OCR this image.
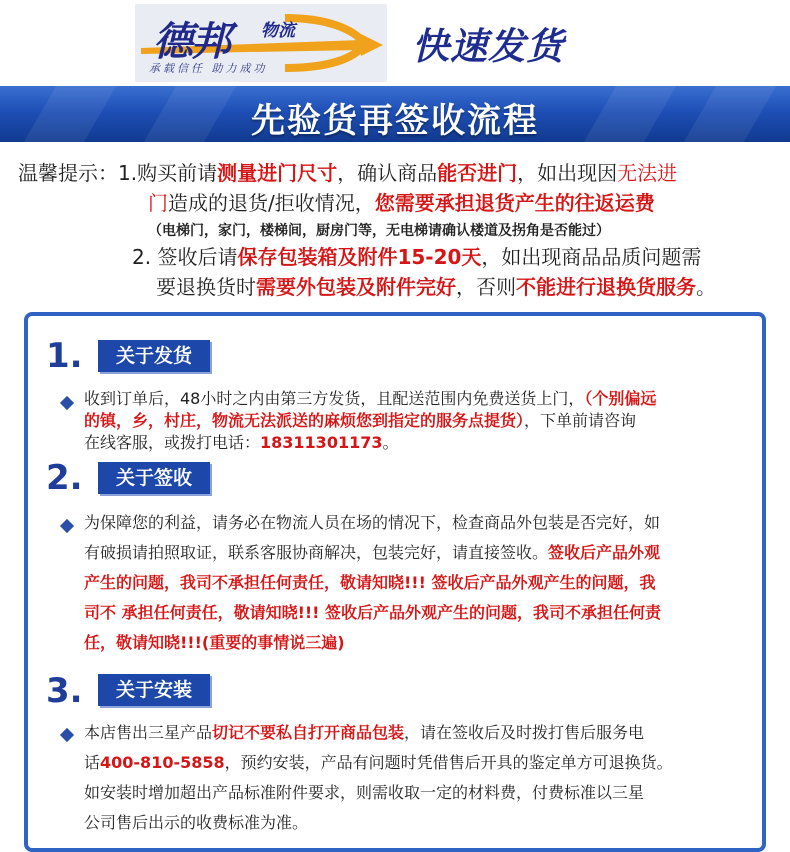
德邦 物流
承载信任 助力成功
快速发货
先验货再签收流程
温馨提示：1.购买前请测量进门尺寸，确认商品能否进门，如出现因无法进
门造成的退货/拒收情况，您需要承担退货产生的往返运费
（电梯门，家门，楼梯间，厨房门等，无电梯请确认楼道及拐角是否能过）
2. 签收后请保存包装箱及附件15-20天，如出现商品品质问题需
要退换货时需要外包装及附件完好，否则不能进行退换货服务。
1.	关于发货
收到订单后，48小时之内由第三方发货，且配送范围内免费送货上门，（个别偏远
的镇，乡，村庄，物流无法派送的麻烦您到指定的服务点提货），下单前请咨询
在线客服，或拨打电话：18311301173。
2.	关于签收
为保障您的利益，请务必在物流人员在场的情况下，检查商品外包装是否完好，如
有破损请拍照取证，联系客服协商解决，包装完好，请直接签收。签收后产品外观
产生的问题，我司不承担任何责任，敬请知晓!!! 签收后产品外观产生的问题，我
司不 承担任何责任，敬请知晓!!! 签收后产品外观产生的问题，我司不承担任何责
任，敬请知晓!!!(重要的事情说三遍)
3.	关于安装
本店售出三星产品切记不要私自打开商品包装，请在签收后及时拨打售后服务电
话400-810-5858，预约安装，产品有问题时凭借售后开具的鉴定单方可退换货。
如安装时增加超出产品标准附件要求，则需收取一定的材料费，付费标准以三星
公司售后出示的收费标准为准。
